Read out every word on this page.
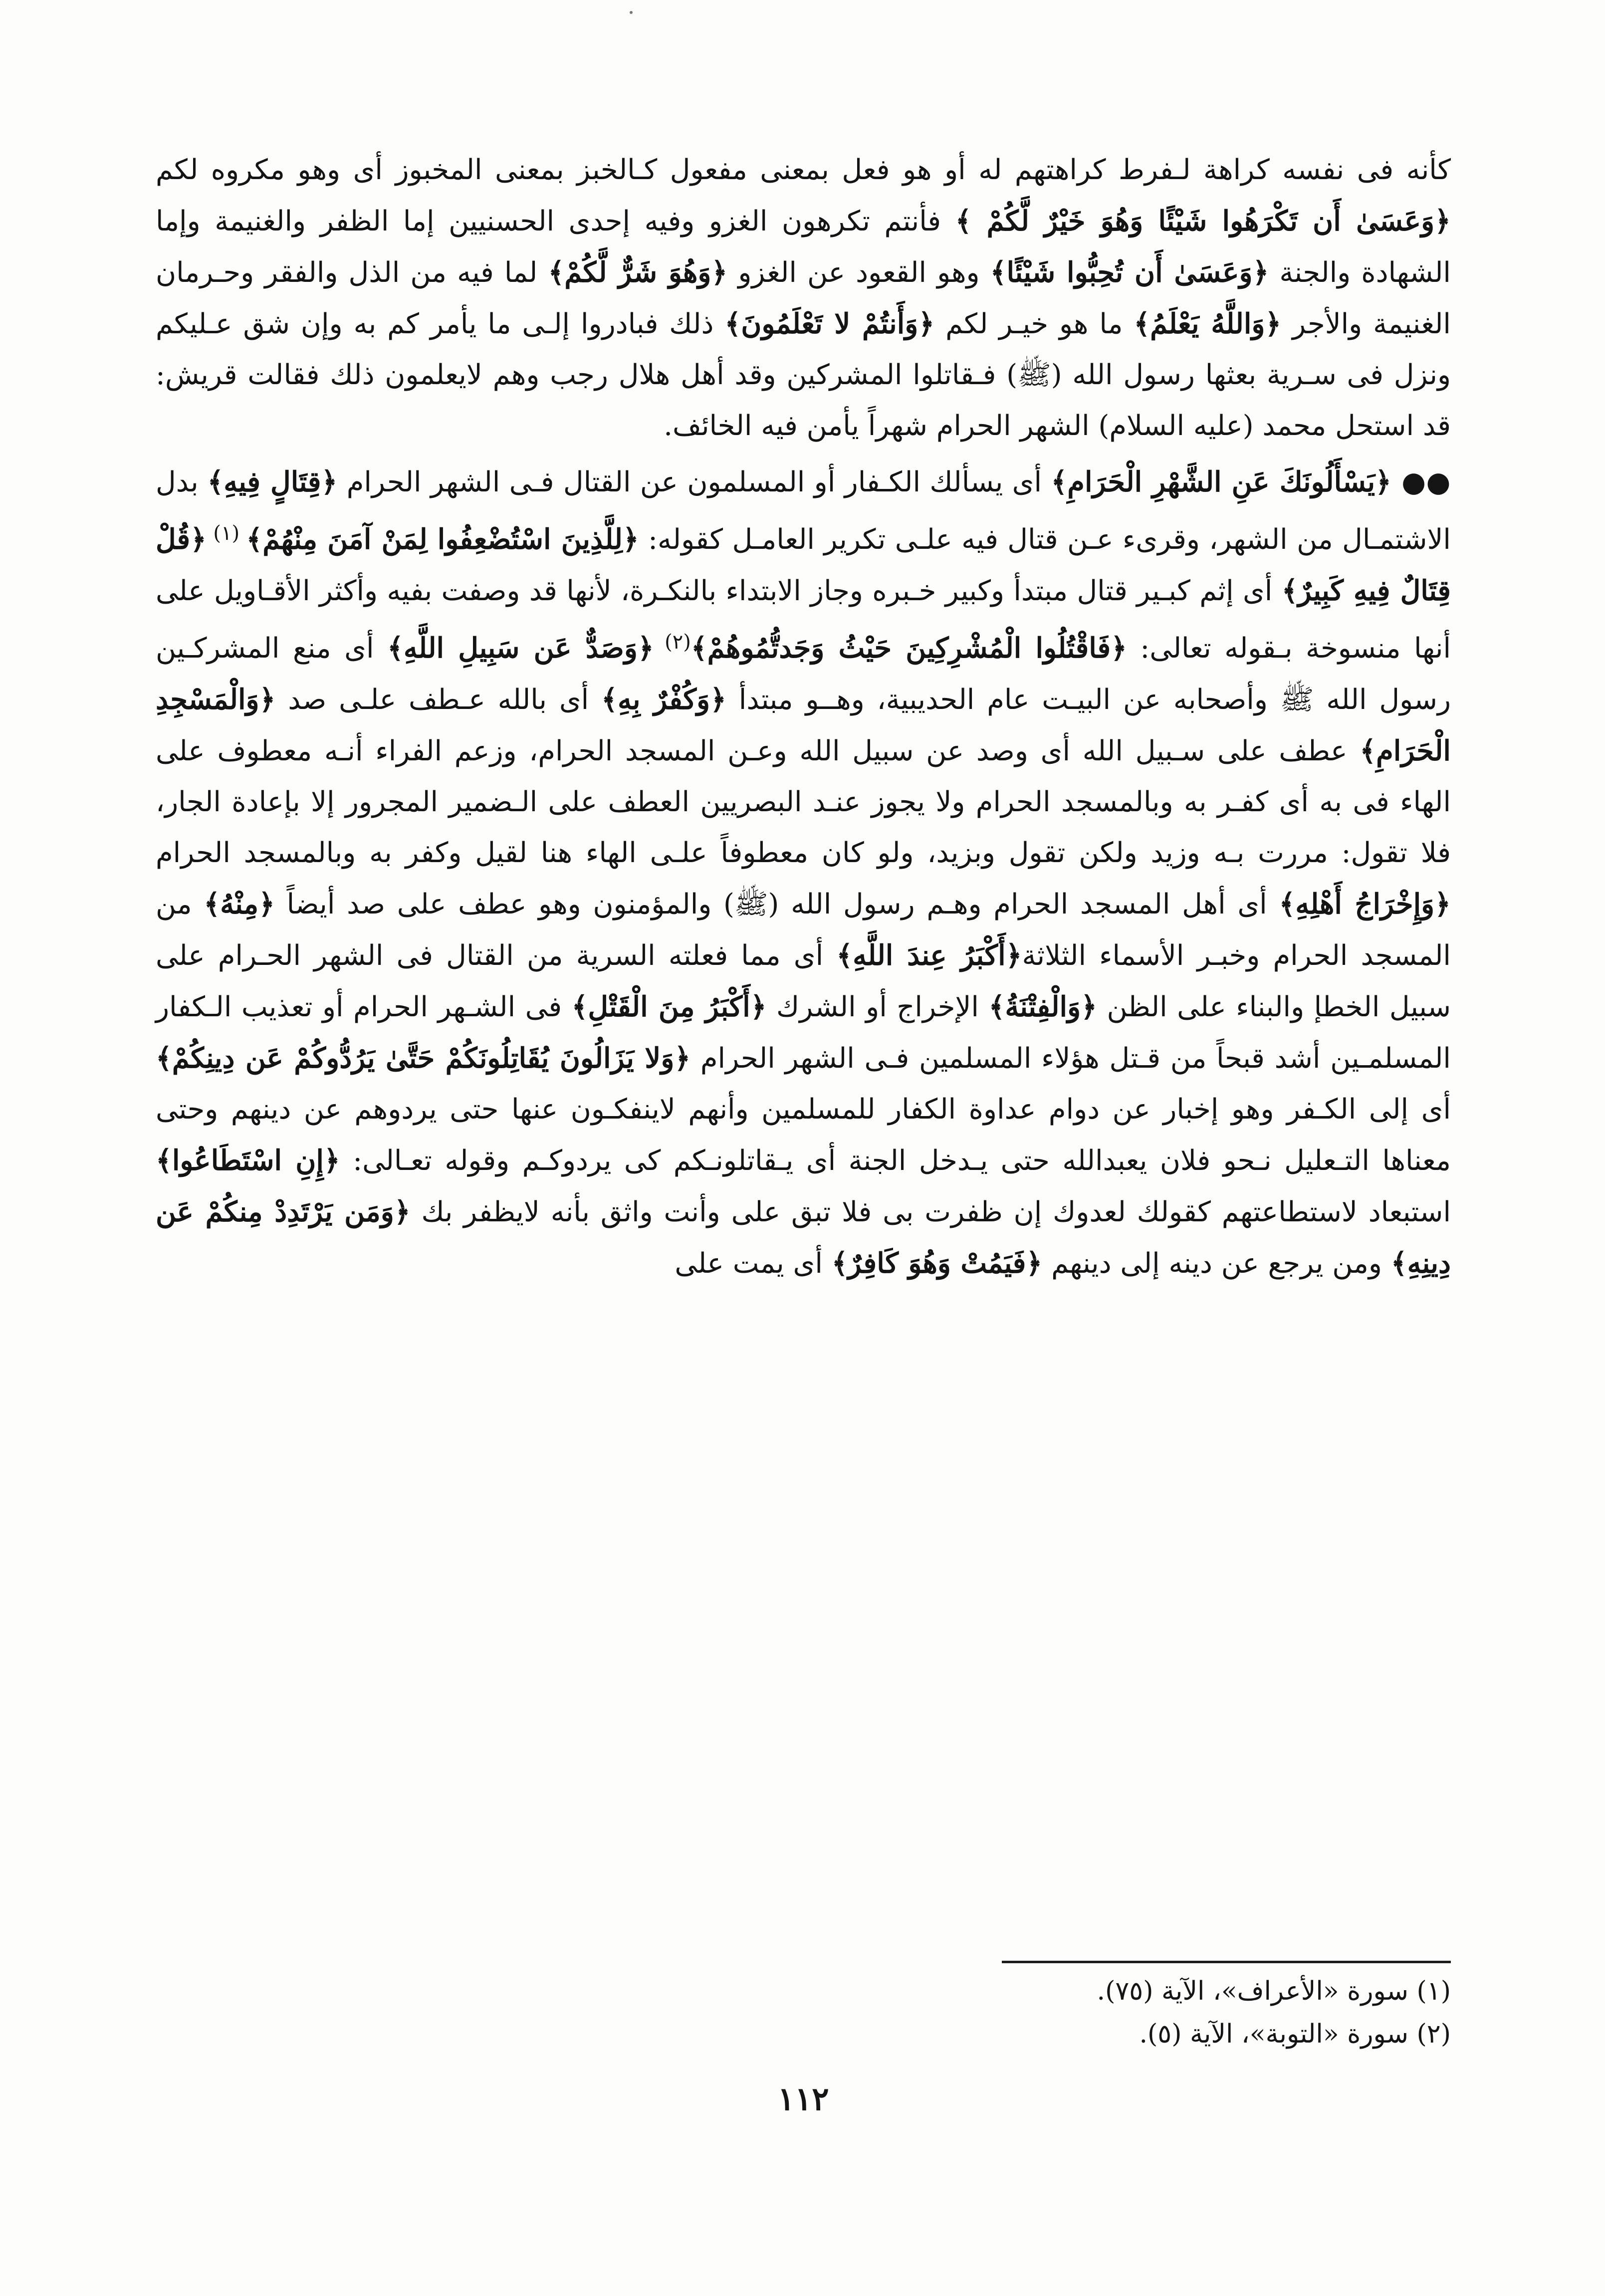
كأنه فى نفسه كراهة لـفرط كراهتهم له أو هو فعل بمعنى مفعول كـالخبز بمعنى المخبوز أى وهو مكروه لكم ﴿وَعَسَىٰ أَن تَكْرَهُوا شَيْئًا وَهُوَ خَيْرٌ لَّكُمْ ﴾ فأنتم تكرهون الغزو وفيه إحدى الحسنيين إما الظفر والغنيمة وإما الشهادة والجنة ﴿وَعَسَىٰ أَن تُحِبُّوا شَيْئًا﴾ وهو القعود عن الغزو ﴿وَهُوَ شَرٌّ لَّكُمْ﴾ لما فيه من الذل والفقر وحـرمان الغنيمة والأجر ﴿وَاللَّهُ يَعْلَمُ﴾ ما هو خيـر لكم ﴿وَأَنتُمْ لا تَعْلَمُونَ﴾ ذلك فبادروا إلـى ما يأمر كم به وإن شق عـليكم ونزل فى سـرية بعثها رسول الله (ﷺ) فـقاتلوا المشركين وقد أهل هلال رجب وهم لايعلمون ذلك فقالت قريش: قد استحل محمد (عليه السلام) الشهر الحرام شهراً يأمن فيه الخائف.

●● ﴿يَسْأَلُونَكَ عَنِ الشَّهْرِ الْحَرَامِ﴾ أى يسألك الكـفار أو المسلمون عن القتال فـى الشهر الحرام ﴿قِتَالٍ فِيهِ﴾ بدل الاشتمـال من الشهر، وقرىء عـن قتال فيه علـى تكرير العامـل كقوله: ﴿لِلَّذِينَ اسْتُضْعِفُوا لِمَنْ آمَنَ مِنْهُمْ﴾ $^{(١)}$ ﴿قُلْ قِتَالٌ فِيهِ كَبِيرٌ﴾ أى إثم كبـير قتال مبتدأ وكبير خـبره وجاز الابتداء بالنكـرة، لأنها قد وصفت بفيه وأكثر الأقـاويل على أنها منسوخة بـقوله تعالى: ﴿فَاقْتُلُوا الْمُشْرِكِينَ حَيْثُ وَجَدتُّمُوهُمْ﴾$^{(٢)}$ ﴿وَصَدٌّ عَن سَبِيلِ اللَّهِ﴾ أى منع المشركـين رسول الله ﷺ وأصحابه عن البيـت عام الحديبية، وهــو مبتدأ ﴿وَكُفْرٌ بِهِ﴾ أى بالله عـطف علـى صد ﴿وَالْمَسْجِدِ الْحَرَامِ﴾ عطف على سـبيل الله أى وصد عن سبيل الله وعـن المسجد الحرام، وزعم الفراء أنـه معطوف على الهاء فى به أى كفـر به وبالمسجد الحرام ولا يجوز عنـد البصريين العطف على الـضمير المجرور إلا بإعادة الجار، فلا تقول: مررت بـه وزيد ولكن تقول وبزيد، ولو كان معطوفاً علـى الهاء هنا لقيل وكفر به وبالمسجد الحرام ﴿وَإِخْرَاجُ أَهْلِهِ﴾ أى أهل المسجد الحرام وهـم رسول الله (ﷺ) والمؤمنون وهو عطف على صد أيضاً ﴿مِنْهُ﴾ من المسجد الحرام وخبـر الأسماء الثلاثة﴿أَكْبَرُ عِندَ اللَّهِ﴾ أى مما فعلته السرية من القتال فى الشهر الحـرام على سبيل الخطإ والبناء على الظن ﴿وَالْفِتْنَةُ﴾ الإخراج أو الشرك ﴿أَكْبَرُ مِنَ الْقَتْلِ﴾ فى الشـهر الحرام أو تعذيب الـكفار المسلمـين أشد قبحاً من قـتل هؤلاء المسلمين فـى الشهر الحرام ﴿وَلا يَزَالُونَ يُقَاتِلُونَكُمْ حَتَّىٰ يَرُدُّوكُمْ عَن دِينِكُمْ﴾ أى إلى الكـفر وهو إخبار عن دوام عداوة الكفار للمسلمين وأنهم لاينفكـون عنها حتى يردوهم عن دينهم وحتى معناها التـعليل نـحو فلان يعبدالله حتى يـدخل الجنة أى يـقاتلونـكم كى يردوكـم وقوله تعـالى: ﴿إِنِ اسْتَطَاعُوا﴾ استبعاد لاستطاعتهم كقولك لعدوك إن ظفرت بى فلا تبق على وأنت واثق بأنه لايظفر بك ﴿وَمَن يَرْتَدِدْ مِنكُمْ عَن دِينِهِ﴾ ومن يرجع عن دينه إلى دينهم ﴿فَيَمُتْ وَهُوَ كَافِرٌ﴾ أى يمت على

(١) سورة «الأعراف»، الآية (٧٥).
(٢) سورة «التوبة»، الآية (٥).
١١٢
